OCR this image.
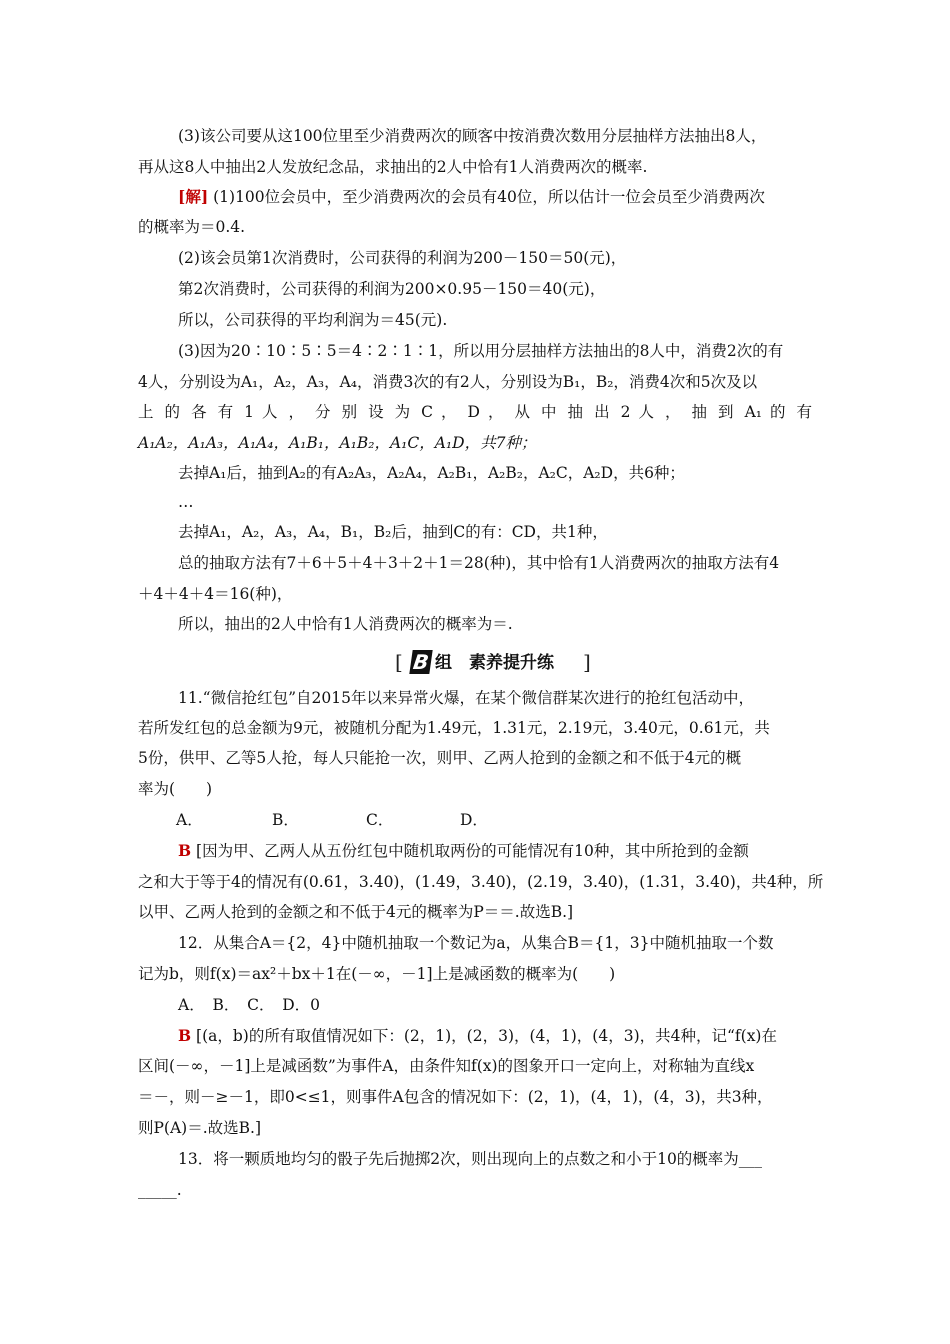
(3)该公司要从这100位里至少消费两次的顾客中按消费次数用分层抽样方法抽出8人，
再从这8人中抽出2人发放纪念品，求抽出的2人中恰有1人消费两次的概率.
[解] (1)100位会员中，至少消费两次的会员有40位，所以估计一位会员至少消费两次
的概率为＝0.4.
(2)该会员第1次消费时，公司获得的利润为200－150＝50(元)，
第2次消费时，公司获得的利润为200×0.95－150＝40(元)，
所以，公司获得的平均利润为＝45(元).
(3)因为20∶10∶5∶5＝4∶2∶1∶1，所以用分层抽样方法抽出的8人中，消费2次的有
4人，分别设为A₁，A₂，A₃，A₄，消费3次的有2人，分别设为B₁，B₂，消费4次和5次及以
上 的 各 有 1 人 ， 分 别 设 为 C ， D ， 从 中 抽 出 2 人 ， 抽 到 A₁ 的 有
A₁A₂，A₁A₃，A₁A₄，A₁B₁，A₁B₂，A₁C，A₁D，共7种；
去掉A₁后，抽到A₂的有A₂A₃，A₂A₄，A₂B₁，A₂B₂，A₂C，A₂D，共6种；
…
去掉A₁，A₂，A₃，A₄，B₁，B₂后，抽到C的有：CD，共1种，
总的抽取方法有7＋6＋5＋4＋3＋2＋1＝28(种)，其中恰有1人消费两次的抽取方法有4
＋4＋4＋4＝16(种)，
所以，抽出的2人中恰有1人消费两次的概率为＝.
[ B 组　素养提升练 ]
11.“微信抢红包”自2015年以来异常火爆，在某个微信群某次进行的抢红包活动中，
若所发红包的总金额为9元，被随机分配为1.49元，1.31元，2.19元，3.40元，0.61元，共
5份，供甲、乙等5人抢，每人只能抢一次，则甲、乙两人抢到的金额之和不低于4元的概
率为(　　)
A．	B．	C．	D．
B [因为甲、乙两人从五份红包中随机取两份的可能情况有10种，其中所抢到的金额
之和大于等于4的情况有(0.61，3.40)，(1.49，3.40)，(2.19，3.40)，(1.31，3.40)，共4种，所
以甲、乙两人抢到的金额之和不低于4元的概率为P＝＝.故选B.]
12．从集合A＝{2，4}中随机抽取一个数记为a，从集合B＝{1，3}中随机抽取一个数
记为b，则f(x)＝ax²＋bx＋1在(－∞，－1]上是减函数的概率为(　　)
A．　B．　C．　D．0
B [(a，b)的所有取值情况如下：(2，1)，(2，3)，(4，1)，(4，3)，共4种，记“f(x)在
区间(－∞，－1]上是减函数”为事件A，由条件知f(x)的图象开口一定向上，对称轴为直线x
＝－，则－≥－1，即0<≤1，则事件A包含的情况如下：(2，1)，(4，1)，(4，3)，共3种，
则P(A)＝.故选B.]
13．将一颗质地均匀的骰子先后抛掷2次，则出现向上的点数之和小于10的概率为___
_____.
